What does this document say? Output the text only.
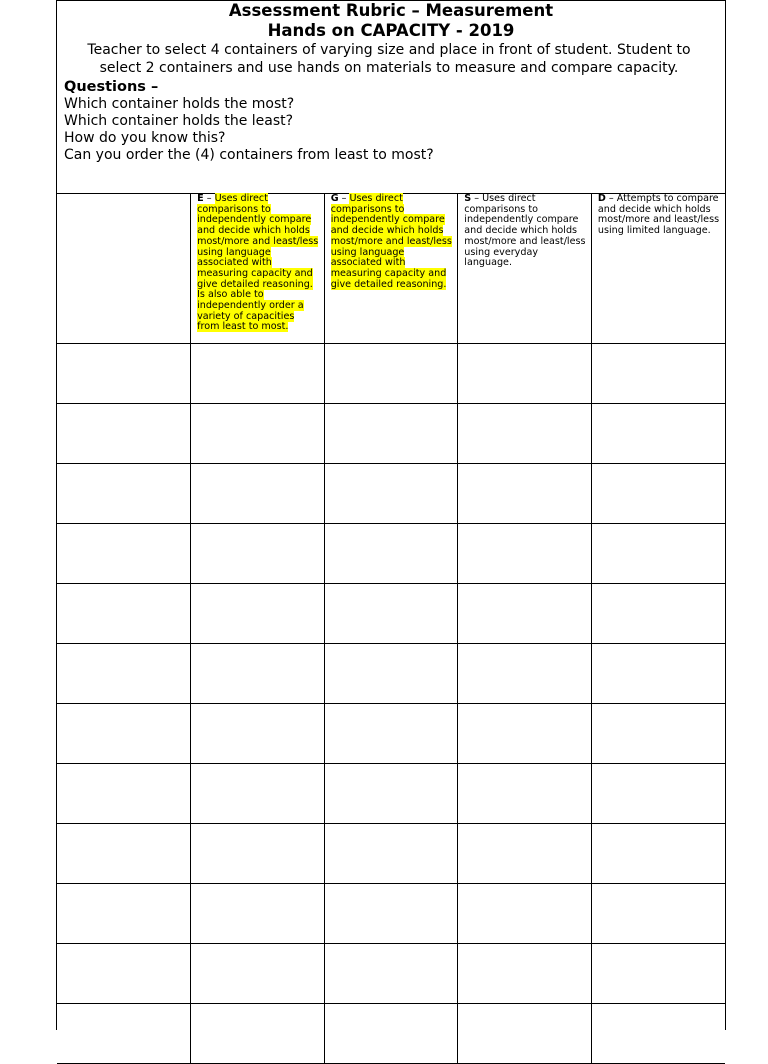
Assessment Rubric – Measurement
Hands on CAPACITY - 2019
Teacher to select 4 containers of varying size and place in front of student. Student to select 2 containers and use hands on materials to measure and compare capacity.
Questions –
Which container holds the most?
Which container holds the least?
How do you know this?
Can you order the (4) containers from least to most?

	E – Uses direct comparisons to independently compare and decide which holds most/more and least/less using language associated with measuring capacity and give detailed reasoning. Is also able to independently order a variety of capacities from least to most.	G – Uses direct comparisons to independently compare and decide which holds most/more and least/less using language associated with measuring capacity and give detailed reasoning.	S – Uses direct comparisons to independently compare and decide which holds most/more and least/less using everyday language.	D – Attempts to compare and decide which holds most/more and least/less using limited language.
